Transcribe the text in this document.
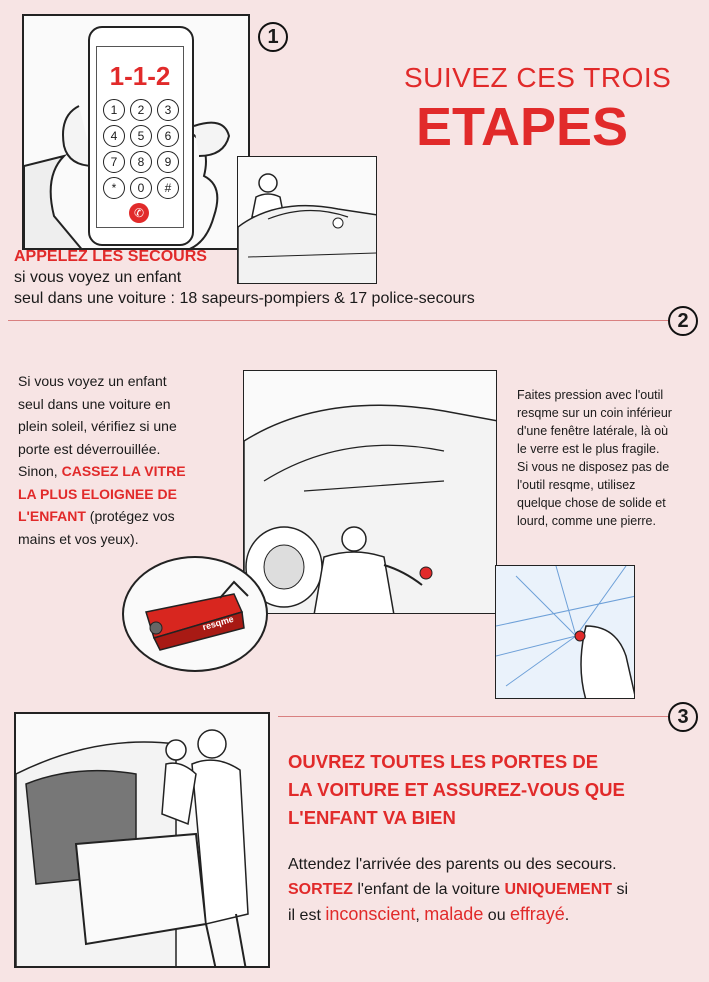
1-1-2
1	2	3
4	5	6
7	8	9
*	0	#
✆
1
SUIVEZ CES TROIS
ETAPES
APPELEZ LES SECOURS
si vous voyez un enfant
seul dans une voiture : 18 sapeurs-pompiers & 17 police-secours
2
Si vous voyez un enfant
seul dans une voiture en
plein soleil, vérifiez si une
porte est déverrouillée.
Sinon, CASSEZ LA VITRE
LA PLUS ELOIGNEE DE
L'ENFANT (protégez vos
mains et vos yeux).
Faites pression avec l'outil
resqme sur un coin inférieur
d'une fenêtre latérale, là où
le verre est le plus fragile.
Si vous ne disposez pas de
l'outil resqme, utilisez
quelque chose de solide et
lourd, comme une pierre.
resqme
3
OUVREZ TOUTES LES PORTES DE
LA VOITURE ET ASSUREZ-VOUS QUE
L'ENFANT VA BIEN
Attendez l'arrivée des parents ou des secours.
SORTEZ l'enfant de la voiture UNIQUEMENT si
il est inconscient, malade ou effrayé.
